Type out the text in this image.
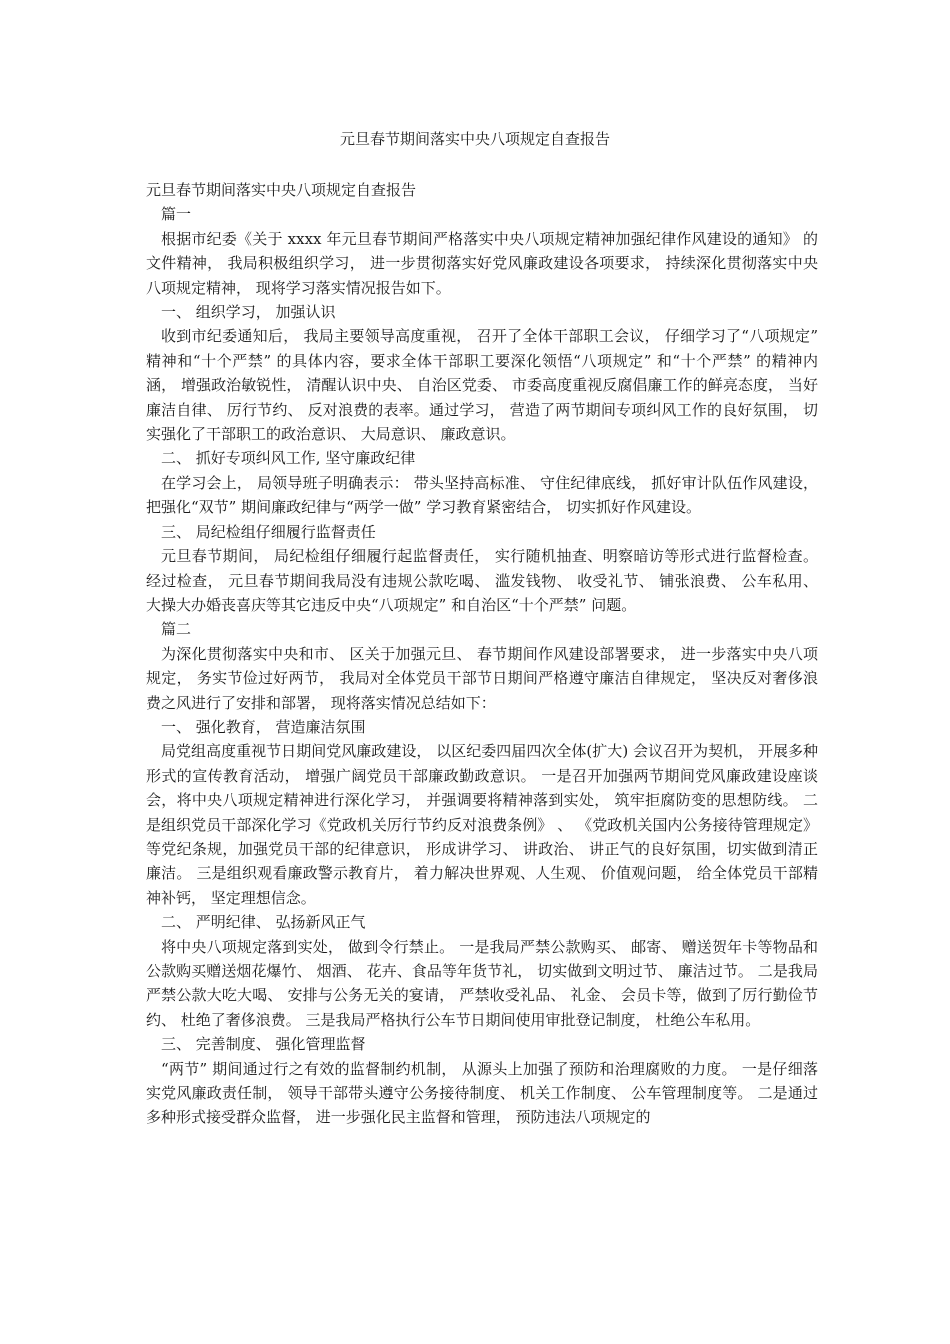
元旦春节期间落实中央八项规定自查报告

元旦春节期间落实中央八项规定自查报告

篇一

根据市纪委《关于 xxxx 年元旦春节期间严格落实中央八项规定精神加强纪律作风建设的通知》 的文件精神， 我局积极组织学习， 进一步贯彻落实好党风廉政建设各项要求， 持续深化贯彻落实中央八项规定精神， 现将学习落实情况报告如下。

一、 组织学习， 加强认识

收到市纪委通知后， 我局主要领导高度重视， 召开了全体干部职工会议， 仔细学习了“八项规定” 精神和“十个严禁” 的具体内容，要求全体干部职工要深化领悟“八项规定” 和“十个严禁” 的精神内涵， 增强政治敏锐性， 清醒认识中央、 自治区党委、 市委高度重视反腐倡廉工作的鲜亮态度， 当好廉洁自律、 厉行节约、 反对浪费的表率。通过学习， 营造了两节期间专项纠风工作的良好氛围， 切实强化了干部职工的政治意识、 大局意识、 廉政意识。

二、 抓好专项纠风工作, 坚守廉政纪律

在学习会上， 局领导班子明确表示： 带头坚持高标准、 守住纪律底线， 抓好审计队伍作风建设， 把强化“双节” 期间廉政纪律与“两学一做” 学习教育紧密结合， 切实抓好作风建设。

三、 局纪检组仔细履行监督责任

元旦春节期间， 局纪检组仔细履行起监督责任， 实行随机抽查、明察暗访等形式进行监督检查。 经过检查， 元旦春节期间我局没有违规公款吃喝、 滥发钱物、 收受礼节、 铺张浪费、 公车私用、 大操大办婚丧喜庆等其它违反中央“八项规定” 和自治区“十个严禁” 问题。

篇二

为深化贯彻落实中央和市、 区关于加强元旦、 春节期间作风建设部署要求， 进一步落实中央八项规定， 务实节俭过好两节， 我局对全体党员干部节日期间严格遵守廉洁自律规定， 坚决反对奢侈浪费之风进行了安排和部署， 现将落实情况总结如下：

一、 强化教育， 营造廉洁氛围

局党组高度重视节日期间党风廉政建设， 以区纪委四届四次全体(扩大) 会议召开为契机， 开展多种形式的宣传教育活动， 增强广阔党员干部廉政勤政意识。 一是召开加强两节期间党风廉政建设座谈会，将中央八项规定精神进行深化学习， 并强调要将精神落到实处， 筑牢拒腐防变的思想防线。 二是组织党员干部深化学习《党政机关厉行节约反对浪费条例》 、 《党政机关国内公务接待管理规定》 等党纪条规，加强党员干部的纪律意识， 形成讲学习、 讲政治、 讲正气的良好氛围，切实做到清正廉洁。 三是组织观看廉政警示教育片， 着力解决世界观、人生观、 价值观问题， 给全体党员干部精神补钙， 坚定理想信念。

二、 严明纪律、 弘扬新风正气

将中央八项规定落到实处， 做到令行禁止。 一是我局严禁公款购买、 邮寄、 赠送贺年卡等物品和公款购买赠送烟花爆竹、 烟酒、 花卉、食品等年货节礼， 切实做到文明过节、 廉洁过节。 二是我局严禁公款大吃大喝、 安排与公务无关的宴请， 严禁收受礼品、 礼金、 会员卡等，做到了厉行勤俭节约、 杜绝了奢侈浪费。 三是我局严格执行公车节日期间使用审批登记制度， 杜绝公车私用。

三、 完善制度、 强化管理监督

“两节” 期间通过行之有效的监督制约机制， 从源头上加强了预防和治理腐败的力度。 一是仔细落实党风廉政责任制， 领导干部带头遵守公务接待制度、 机关工作制度、 公车管理制度等。 二是通过多种形式接受群众监督， 进一步强化民主监督和管理， 预防违法八项规定的
